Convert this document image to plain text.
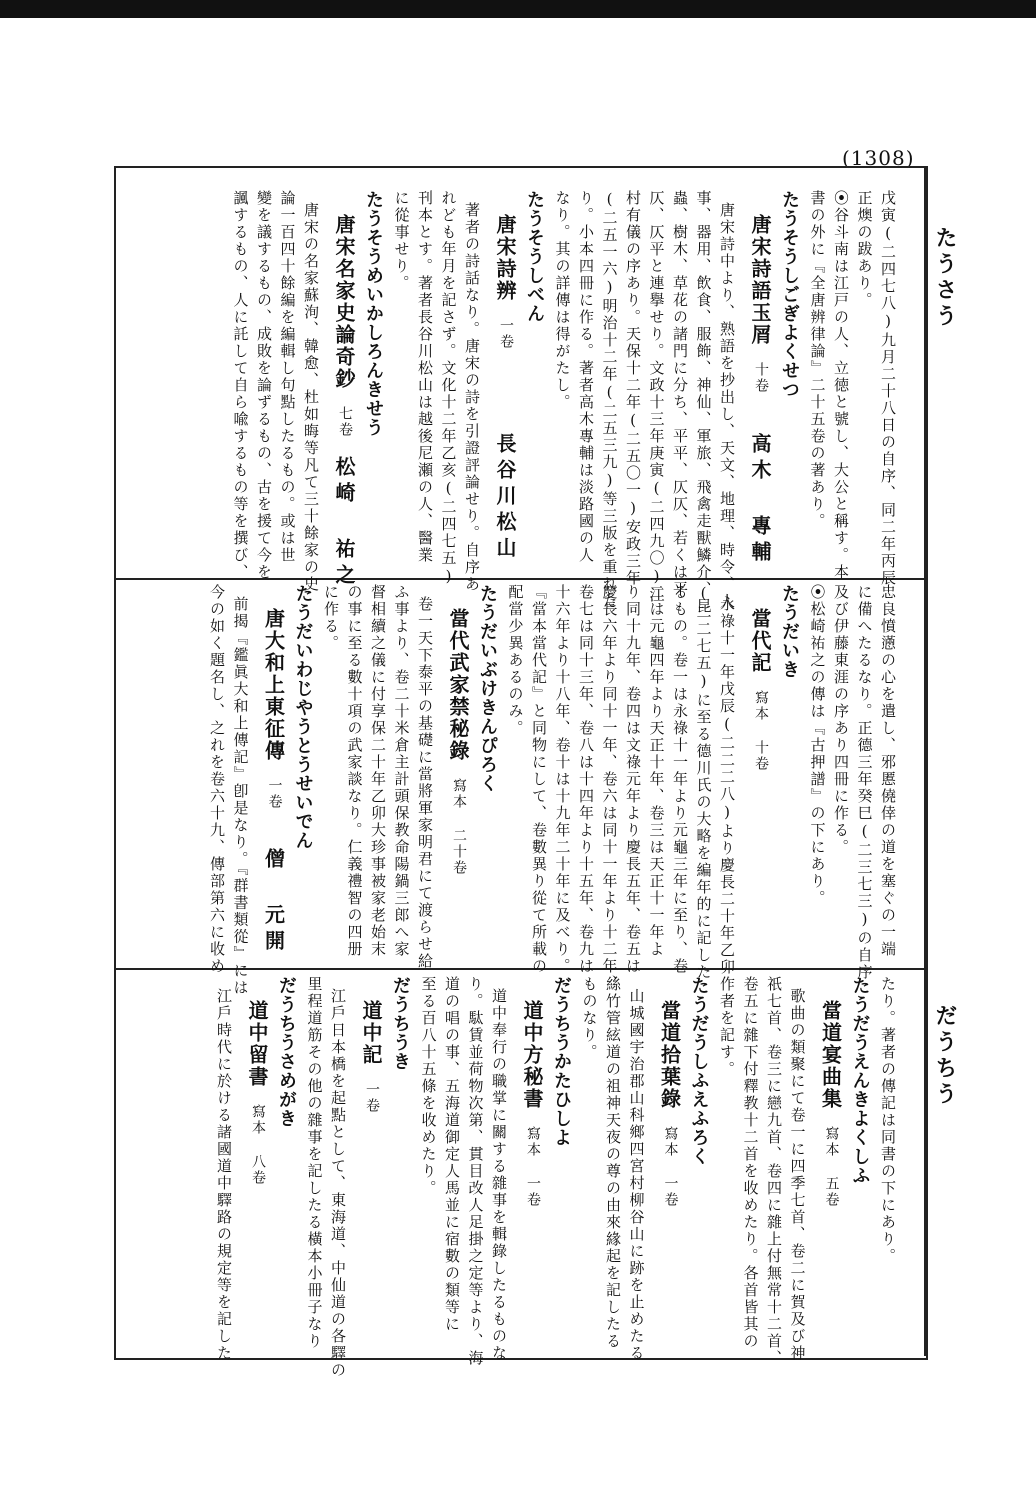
(1308)
たうさう
だうちう
戊寅(二四七八)九月二十八日の自序、同二年丙辰
正燠の跋あり。
⦿谷斗南は江戸の人、立徳と號し、大公と稱す。本
書の外に『全唐辨律論』二十五卷の著あり。
たうそうしごぎよくせつ
唐宋詩語玉屑
十卷
高木 專輔
唐宋詩中より、熟語を抄出し、天文、地理、時令、人
事、器用、飲食、服飾、神仙、軍旅、飛禽走獸鱗介、昆
蟲、樹木、草花の諸門に分ち、平平、仄仄、若くは平
仄、仄平と連擧せり。文政十三年庚寅(二四九〇)江
村有儀の序あり。天保十二年(二五〇一)安政三年
(二五一六)明治十二年(二五三九)等三版を重れた
り。小本四冊に作る。著者高木專輔は淡路國の人
なり。其の詳傳は得がたし。
たうそうしべん
唐宋詩辨
一卷
長谷川松山
著者の詩話なり。唐宋の詩を引證評論せり。自序あ
れども年月を記さず。文化十二年乙亥(二四七五)
刊本とす。著者長谷川松山は越後尼瀬の人、醫業
に從事せり。
たうそうめいかしろんきせう
唐宋名家史論奇鈔
七卷
松崎 祐之
唐宋の名家蘇洵、韓愈、杜如晦等凡て三十餘家の史
論一百四十餘編を編輯し句點したるもの。或は世
變を議するもの、成敗を論ずるもの、古を援て今を
諷するもの、人に託して自ら喩するもの等を撰び、
忠良憤懣の心を遣し、邪慝僥倖の道を塞ぐの一端
に備へたるなり。正德三年癸巳(二三七三)の自序
及び伊藤東涯の序あり四冊に作る。
⦿松崎祐之の傳は『古押譜』の下にあり。
たうだいき
當代記
寫本 十卷
永祿十一年戊辰(二二二八)より慶長二十年乙卯
(二二七五)に至る德川氏の大略を編年的に記した
るもの。卷一は永祿十一年より元龜三年に至り、卷
二は元龜四年より天正十年、卷三は天正十一年よ
り同十九年、卷四は文祿元年より慶長五年、卷五は
慶長六年より同十一年、卷六は同十一年より十二年、
卷七は同十三年、卷八は十四年より十五年、卷九は
十六年より十八年、卷十は十九年二十年に及べり。
『當本當代記』と同物にして、卷數異り從て所載の
配當少異あるのみ。
たうだいぶけきんぴろく
當代武家禁秘錄
寫本 二十卷
卷一天下泰平の基礎に當將軍家明君にて渡らせ給
ふ事より、卷二十米倉主計頭保教命陽鍋三郎へ家
督相續之儀に付享保二十年乙卯大珍事被家老始末
の事に至る數十項の武家談なり。仁義禮智の四册
に作る。
たうだいわじやうとうせいでん
唐大和上東征傳
一卷
僧 元開
前揭『鑑眞大和上傳記』卽是なり。『群書類從』には
今の如く題名し、之れを卷六十九、傳部第六に收め
たり。著者の傳記は同書の下にあり。
たうだうえんきよくしふ
當道宴曲集
寫本 五卷
歌曲の類聚にて卷一に四季七首、卷二に賀及び神
祇七首、卷三に戀九首、卷四に雜上付無常十二首、
卷五に雜下付釋教十二首を收めたり。各首皆其の
作者を記す。
たうだうしふえふろく
當道拾葉錄
寫本 一卷
山城國宇治郡山科鄉四宮村柳谷山に跡を止めたる
絲竹管絃道の祖神天夜の尊の由來緣起を記したる
ものなり。
だうちうかたひしよ
道中方秘書
寫本 一卷
道中奉行の職掌に關する雜事を輯錄したるものな
り。駄賃並荷物次第、貫目改人足掛之定等より、海
道の唱の事、五海道御定人馬並に宿數の類等に
至る百八十五條を收めたり。
だうちうき
道中記
一卷
江戶日本橋を起點として、東海道、中仙道の各驛の
里程道筋その他の雜事を記したる橫本小冊子なり
だうちうさめがき
道中留書
寫本 八卷
江戶時代に於ける諸國道中驛路の規定等を記した
